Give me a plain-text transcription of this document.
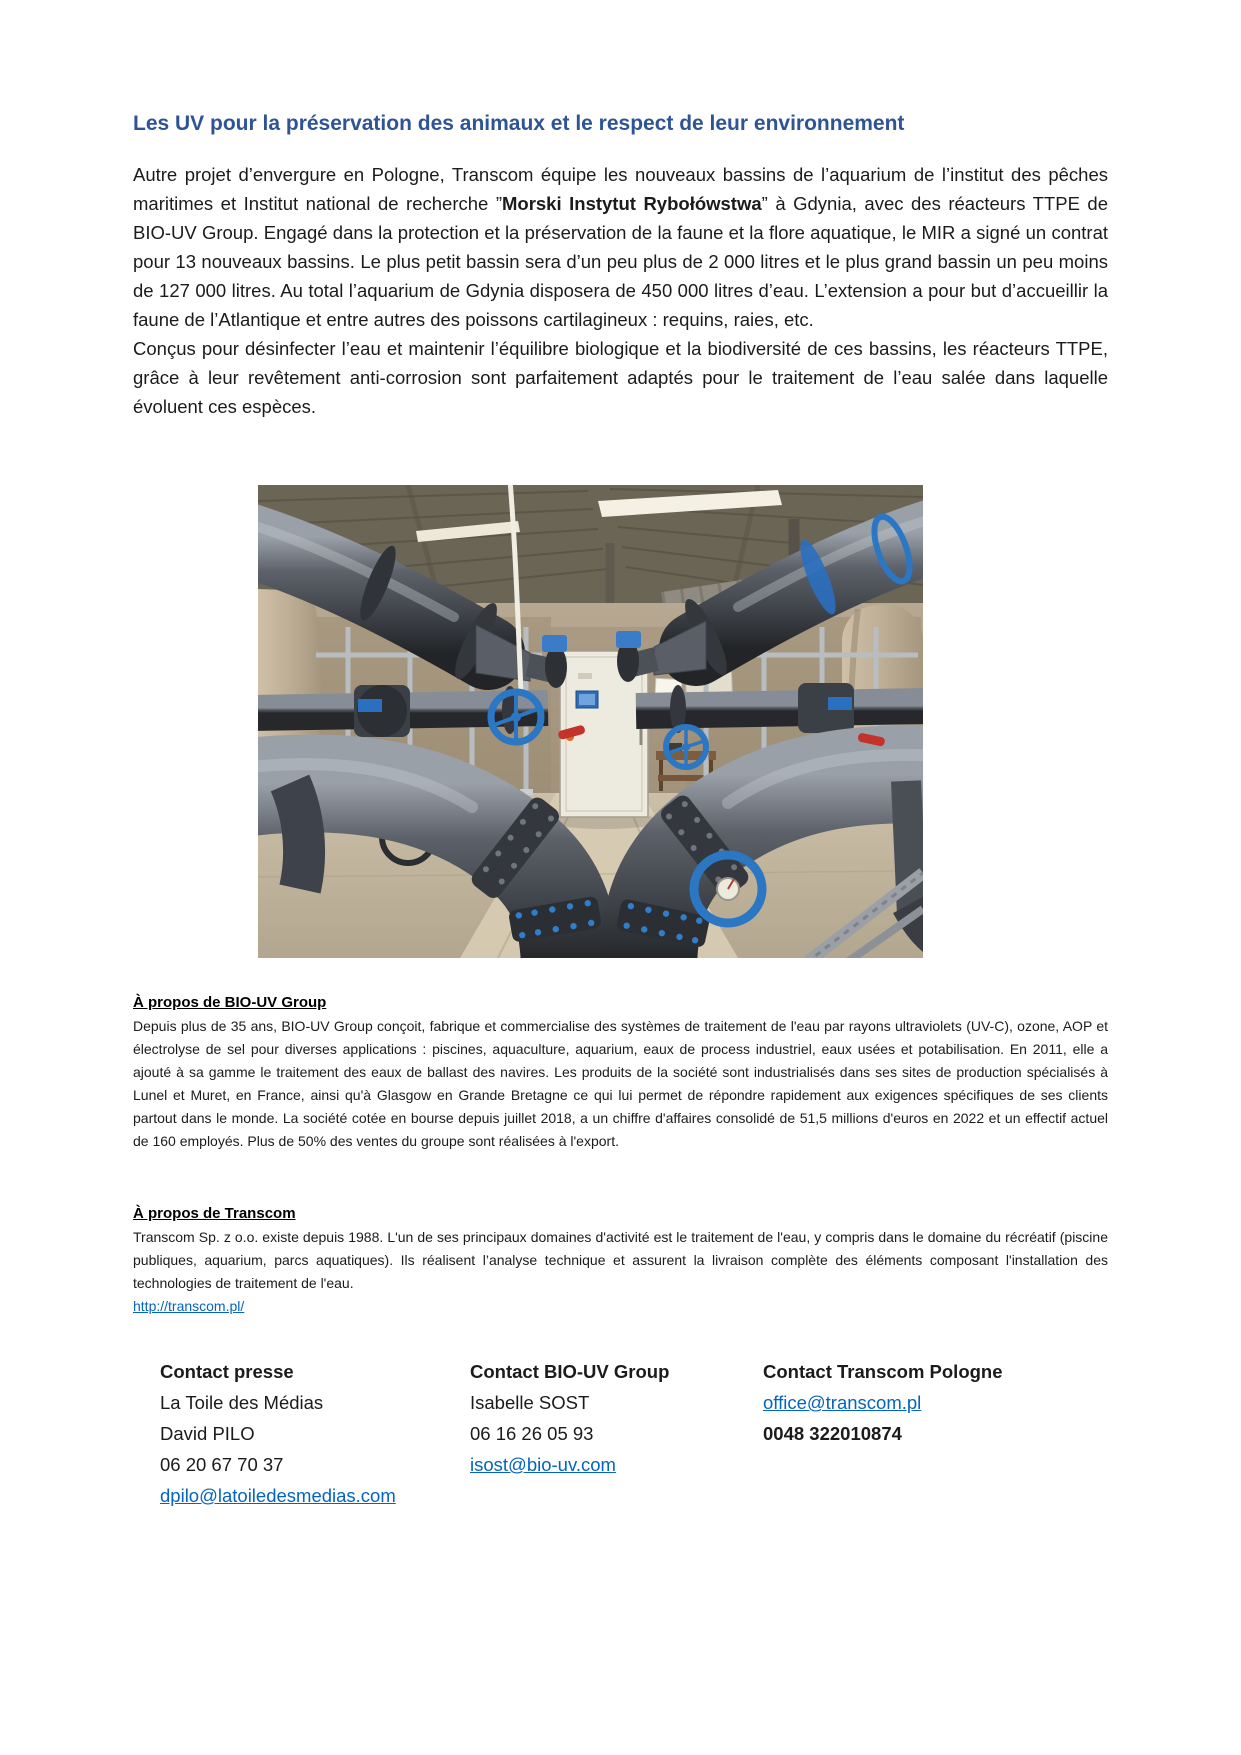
Les UV pour la préservation des animaux et le respect de leur environnement

Autre projet d’envergure en Pologne, Transcom équipe les nouveaux bassins de l’aquarium de l’institut des pêches maritimes et Institut national de recherche ”Morski Instytut Rybołówstwa” à Gdynia, avec des réacteurs TTPE de BIO-UV Group. Engagé dans la protection et la préservation de la faune et la flore aquatique, le MIR a signé un contrat pour 13 nouveaux bassins. Le plus petit bassin sera d’un peu plus de 2 000 litres et le plus grand bassin un peu moins de 127 000 litres. Au total l’aquarium de Gdynia disposera de 450 000 litres d’eau. L’extension a pour but d’accueillir la faune de l’Atlantique et entre autres des poissons cartilagineux : requins, raies, etc.

Conçus pour désinfecter l’eau et maintenir l’équilibre biologique et la biodiversité de ces bassins, les réacteurs TTPE, grâce à leur revêtement anti-corrosion sont parfaitement adaptés pour le traitement de l’eau salée dans laquelle évoluent ces espèces.

À propos de BIO-UV Group

Depuis plus de 35 ans, BIO-UV Group conçoit, fabrique et commercialise des systèmes de traitement de l'eau par rayons ultraviolets (UV-C), ozone, AOP et électrolyse de sel pour diverses applications : piscines, aquaculture, aquarium, eaux de process industriel, eaux usées et potabilisation. En 2011, elle a ajouté à sa gamme le traitement des eaux de ballast des navires. Les produits de la société sont industrialisés dans ses sites de production spécialisés à Lunel et Muret, en France, ainsi qu'à Glasgow en Grande Bretagne ce qui lui permet de répondre rapidement aux exigences spécifiques de ses clients partout dans le monde. La société cotée en bourse depuis juillet 2018, a un chiffre d'affaires consolidé de 51,5 millions d'euros en 2022 et un effectif actuel de 160 employés. Plus de 50% des ventes du groupe sont réalisées à l'export.

À propos de Transcom

Transcom Sp. z o.o. existe depuis 1988. L'un de ses principaux domaines d'activité est le traitement de l'eau, y compris dans le domaine du récréatif (piscine publiques, aquarium, parcs aquatiques). Ils réalisent l’analyse technique et assurent la livraison complète des éléments composant l'installation des technologies de traitement de l'eau.

http://transcom.pl/

Contact presse

La Toile des Médias

David PILO

06 20 67 70 37

dpilo@latoiledesmedias.com

Contact BIO-UV Group

Isabelle SOST

06 16 26 05 93

isost@bio-uv.com

Contact Transcom Pologne

office@transcom.pl

0048 322010874
